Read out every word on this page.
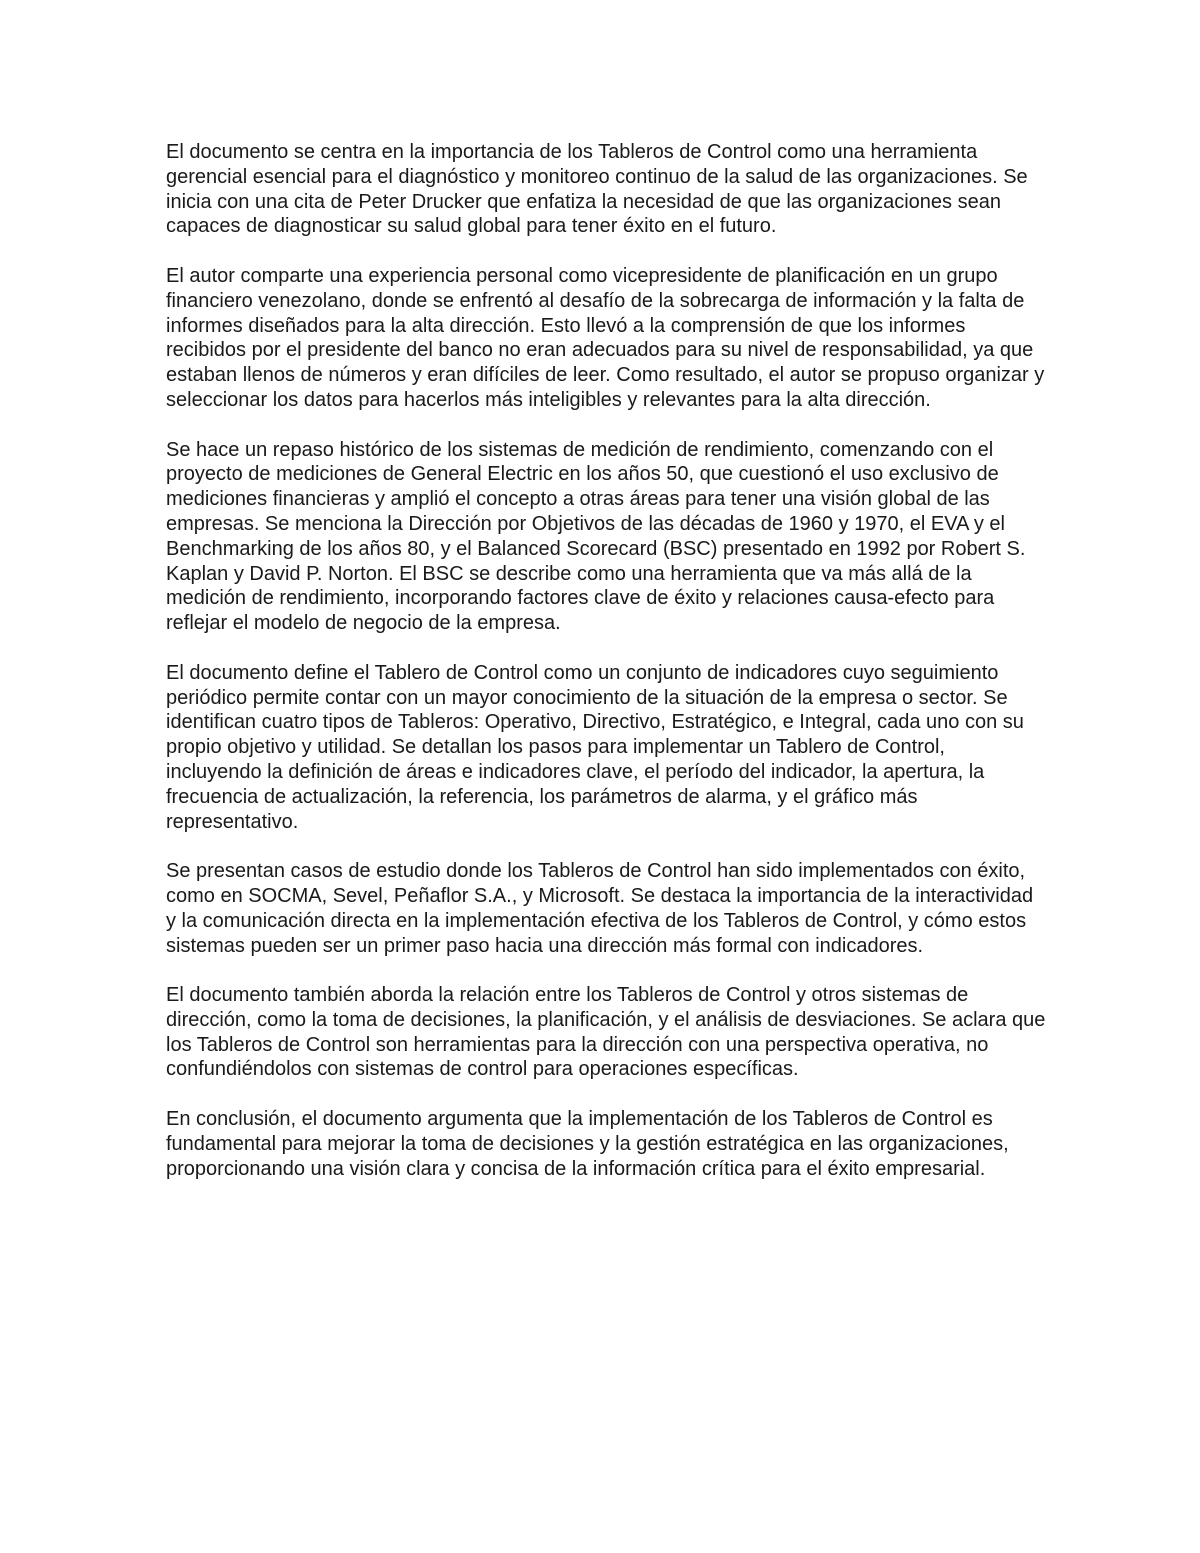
El documento se centra en la importancia de los Tableros de Control como una herramienta gerencial esencial para el diagnóstico y monitoreo continuo de la salud de las organizaciones. Se inicia con una cita de Peter Drucker que enfatiza la necesidad de que las organizaciones sean capaces de diagnosticar su salud global para tener éxito en el futuro.

El autor comparte una experiencia personal como vicepresidente de planificación en un grupo financiero venezolano, donde se enfrentó al desafío de la sobrecarga de información y la falta de informes diseñados para la alta dirección. Esto llevó a la comprensión de que los informes recibidos por el presidente del banco no eran adecuados para su nivel de responsabilidad, ya que estaban llenos de números y eran difíciles de leer. Como resultado, el autor se propuso organizar y seleccionar los datos para hacerlos más inteligibles y relevantes para la alta dirección.

Se hace un repaso histórico de los sistemas de medición de rendimiento, comenzando con el proyecto de mediciones de General Electric en los años 50, que cuestionó el uso exclusivo de mediciones financieras y amplió el concepto a otras áreas para tener una visión global de las empresas. Se menciona la Dirección por Objetivos de las décadas de 1960 y 1970, el EVA y el Benchmarking de los años 80, y el Balanced Scorecard (BSC) presentado en 1992 por Robert S. Kaplan y David P. Norton. El BSC se describe como una herramienta que va más allá de la medición de rendimiento, incorporando factores clave de éxito y relaciones causa-efecto para reflejar el modelo de negocio de la empresa.

El documento define el Tablero de Control como un conjunto de indicadores cuyo seguimiento periódico permite contar con un mayor conocimiento de la situación de la empresa o sector. Se identifican cuatro tipos de Tableros: Operativo, Directivo, Estratégico, e Integral, cada uno con su propio objetivo y utilidad. Se detallan los pasos para implementar un Tablero de Control, incluyendo la definición de áreas e indicadores clave, el período del indicador, la apertura, la frecuencia de actualización, la referencia, los parámetros de alarma, y el gráfico más representativo.

Se presentan casos de estudio donde los Tableros de Control han sido implementados con éxito, como en SOCMA, Sevel, Peñaflor S.A., y Microsoft. Se destaca la importancia de la interactividad y la comunicación directa en la implementación efectiva de los Tableros de Control, y cómo estos sistemas pueden ser un primer paso hacia una dirección más formal con indicadores.

El documento también aborda la relación entre los Tableros de Control y otros sistemas de dirección, como la toma de decisiones, la planificación, y el análisis de desviaciones. Se aclara que los Tableros de Control son herramientas para la dirección con una perspectiva operativa, no confundiéndolos con sistemas de control para operaciones específicas.

En conclusión, el documento argumenta que la implementación de los Tableros de Control es fundamental para mejorar la toma de decisiones y la gestión estratégica en las organizaciones, proporcionando una visión clara y concisa de la información crítica para el éxito empresarial.
